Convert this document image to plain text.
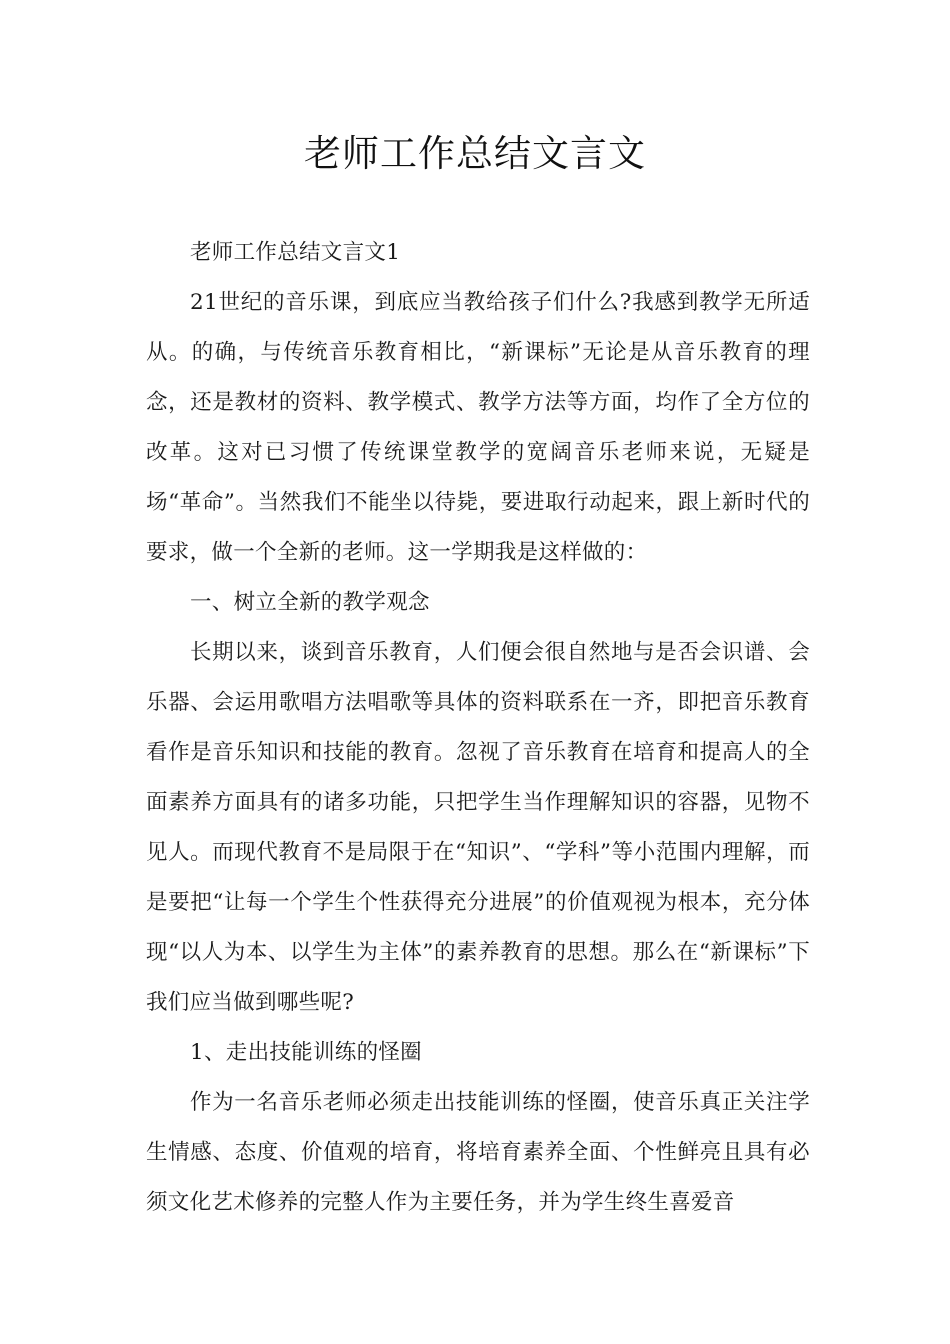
老师工作总结文言文

老师工作总结文言文1

21世纪的音乐课，到底应当教给孩子们什么?我感到教学无所适从。的确，与传统音乐教育相比，“新课标”无论是从音乐教育的理念，还是教材的资料、教学模式、教学方法等方面，均作了全方位的改革。这对已习惯了传统课堂教学的宽阔音乐老师来说，无疑是场“革命”。当然我们不能坐以待毙，要进取行动起来，跟上新时代的要求，做一个全新的老师。这一学期我是这样做的：

一、树立全新的教学观念

长期以来，谈到音乐教育，人们便会很自然地与是否会识谱、会乐器、会运用歌唱方法唱歌等具体的资料联系在一齐，即把音乐教育看作是音乐知识和技能的教育。忽视了音乐教育在培育和提高人的全面素养方面具有的诸多功能，只把学生当作理解知识的容器，见物不见人。而现代教育不是局限于在“知识”、“学科”等小范围内理解，而是要把“让每一个学生个性获得充分进展”的价值观视为根本，充分体现“以人为本、以学生为主体”的素养教育的思想。那么在“新课标”下我们应当做到哪些呢?

1、走出技能训练的怪圈

作为一名音乐老师必须走出技能训练的怪圈，使音乐真正关注学生情感、态度、价值观的培育，将培育素养全面、个性鲜亮且具有必须文化艺术修养的完整人作为主要任务，并为学生终生喜爱音
